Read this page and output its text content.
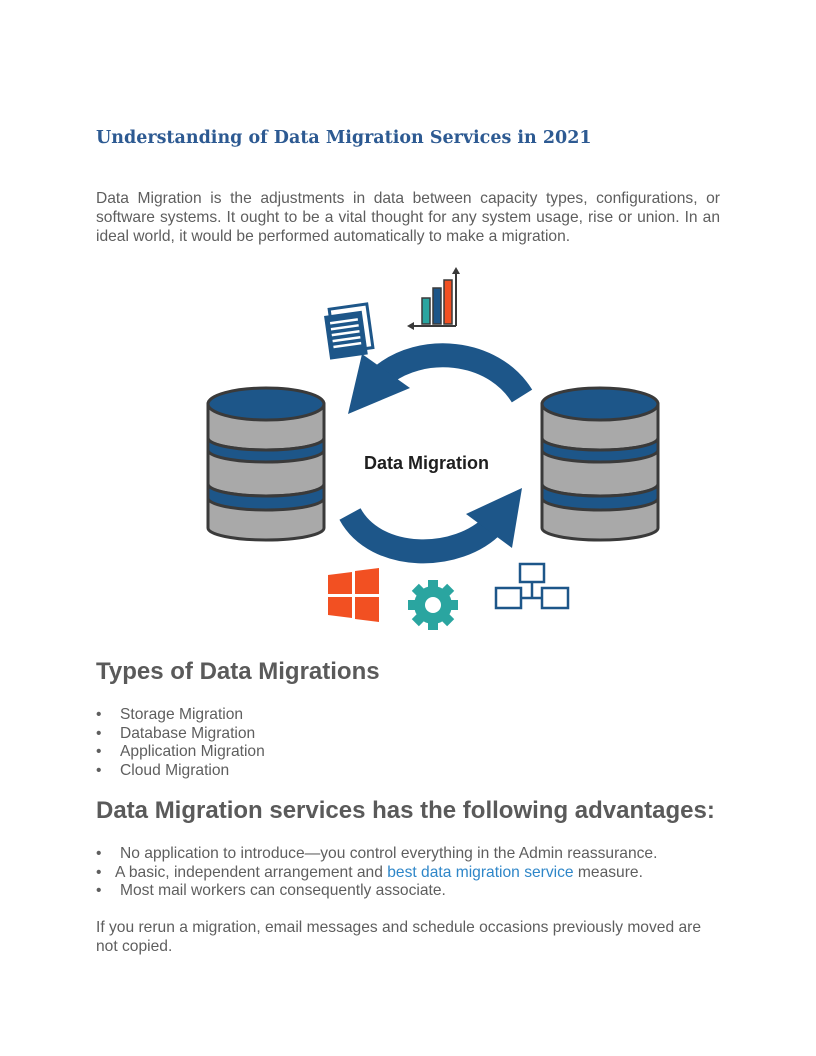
Understanding of Data Migration Services in 2021

Data Migration is the adjustments in data between capacity types, configurations, or software systems. It ought to be a vital thought for any system usage, rise or union. In an ideal world, it would be performed automatically to make a migration.

Data Migration
Types of Data Migrations
• Storage Migration
• Database Migration
• Application Migration
• Cloud Migration
Data Migration services has the following advantages:
• No application to introduce—you control everything in the Admin reassurance.
• A basic, independent arrangement and best data migration service measure.
• Most mail workers can consequently associate.

If you rerun a migration, email messages and schedule occasions previously moved are not copied.
